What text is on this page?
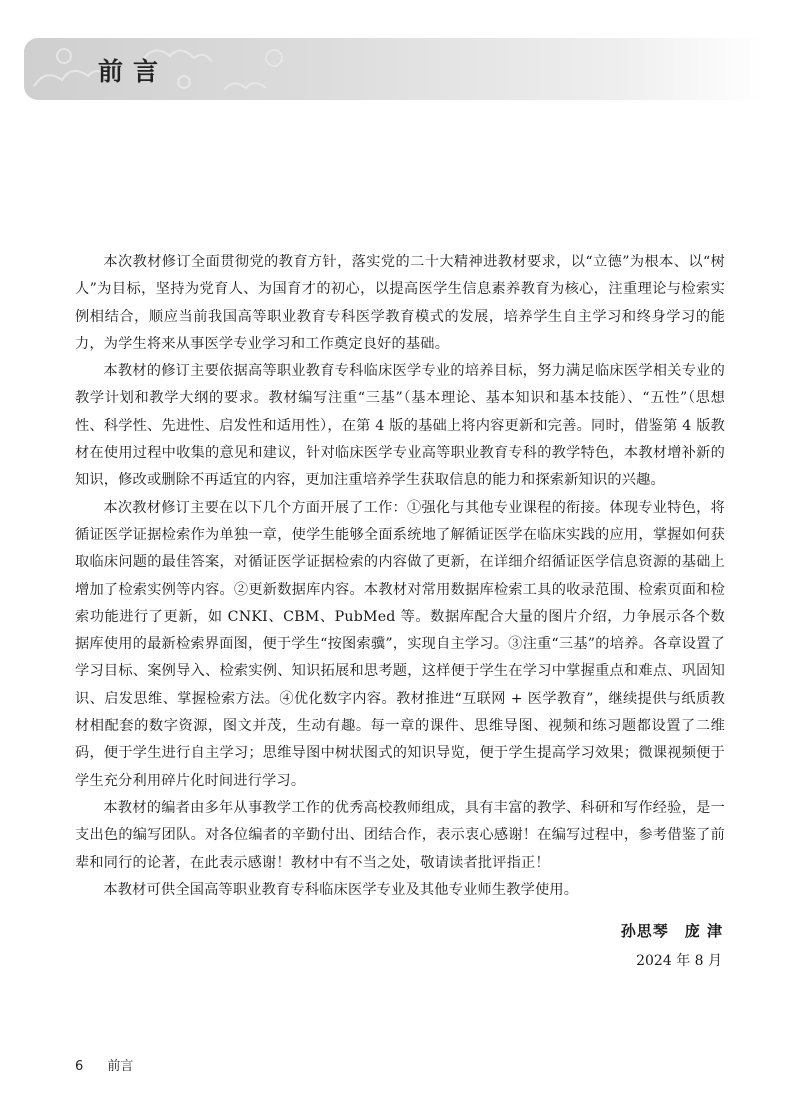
前言

本次教材修订全面贯彻党的教育方针，落实党的二十大精神进教材要求，以“立德”为根本、以“树人”为目标，坚持为党育人、为国育才的初心，以提高医学生信息素养教育为核心，注重理论与检索实例相结合，顺应当前我国高等职业教育专科医学教育模式的发展，培养学生自主学习和终身学习的能力，为学生将来从事医学专业学习和工作奠定良好的基础。

本教材的修订主要依据高等职业教育专科临床医学专业的培养目标，努力满足临床医学相关专业的教学计划和教学大纲的要求。教材编写注重“三基”（基本理论、基本知识和基本技能）、“五性”（思想性、科学性、先进性、启发性和适用性），在第 4 版的基础上将内容更新和完善。同时，借鉴第 4 版教材在使用过程中收集的意见和建议，针对临床医学专业高等职业教育专科的教学特色，本教材增补新的知识，修改或删除不再适宜的内容，更加注重培养学生获取信息的能力和探索新知识的兴趣。

本次教材修订主要在以下几个方面开展了工作：①强化与其他专业课程的衔接。体现专业特色，将循证医学证据检索作为单独一章，使学生能够全面系统地了解循证医学在临床实践的应用，掌握如何获取临床问题的最佳答案，对循证医学证据检索的内容做了更新，在详细介绍循证医学信息资源的基础上增加了检索实例等内容。②更新数据库内容。本教材对常用数据库检索工具的收录范围、检索页面和检索功能进行了更新，如 CNKI、CBM、PubMed 等。数据库配合大量的图片介绍，力争展示各个数据库使用的最新检索界面图，便于学生“按图索骥”，实现自主学习。③注重“三基”的培养。各章设置了学习目标、案例导入、检索实例、知识拓展和思考题，这样便于学生在学习中掌握重点和难点、巩固知识、启发思维、掌握检索方法。④优化数字内容。教材推进“互联网 + 医学教育”，继续提供与纸质教材相配套的数字资源，图文并茂，生动有趣。每一章的课件、思维导图、视频和练习题都设置了二维码，便于学生进行自主学习；思维导图中树状图式的知识导览，便于学生提高学习效果；微课视频便于学生充分利用碎片化时间进行学习。

本教材的编者由多年从事教学工作的优秀高校教师组成，具有丰富的教学、科研和写作经验，是一支出色的编写团队。对各位编者的辛勤付出、团结合作，表示衷心感谢！在编写过程中，参考借鉴了前辈和同行的论著，在此表示感谢！教材中有不当之处，敬请读者批评指正！

本教材可供全国高等职业教育专科临床医学专业及其他专业师生教学使用。

孙思琴　庞 津
2024 年 8 月
6 前言
